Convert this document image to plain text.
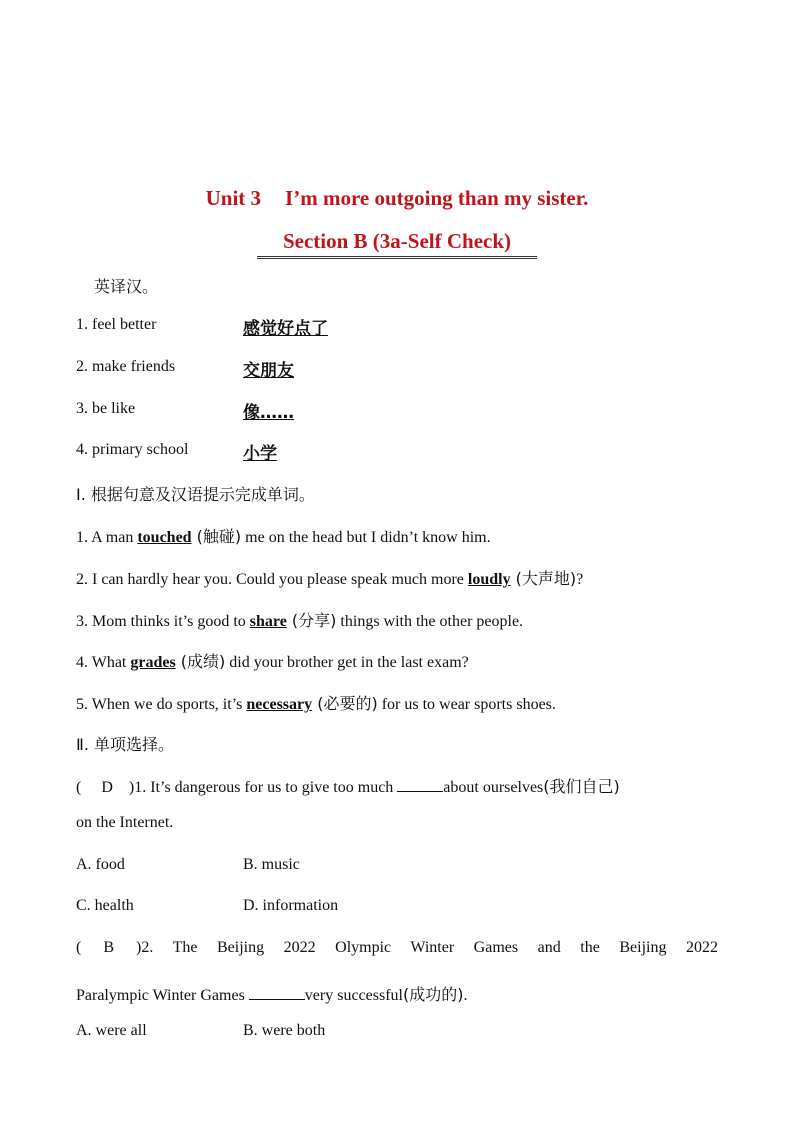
Unit 3 I’m more outgoing than my sister.
Section B (3a-Self Check)
英译汉。
1. feel better	感觉好点了
2. make friends	交朋友
3. be like	像……
4. primary school	小学
Ⅰ. 根据句意及汉语提示完成单词。
1. A man touched (触碰) me on the head but I didn’t know him.
2. I can hardly hear you. Could you please speak much more loudly (大声地)?
3. Mom thinks it’s good to share (分享) things with the other people.
4. What grades (成绩) did your brother get in the last exam?
5. When we do sports, it’s necessary (必要的) for us to wear sports shoes.
Ⅱ. 单项选择。
( D )1. It’s dangerous for us to give too much	about ourselves(我们自己)
on the Internet.
A. food	B. music
C. health	D. information
( B )2. The Beijing 2022 Olympic Winter Games and the Beijing 2022
Paralympic Winter Games	very successful(成功的).
A. were all	B. were both
